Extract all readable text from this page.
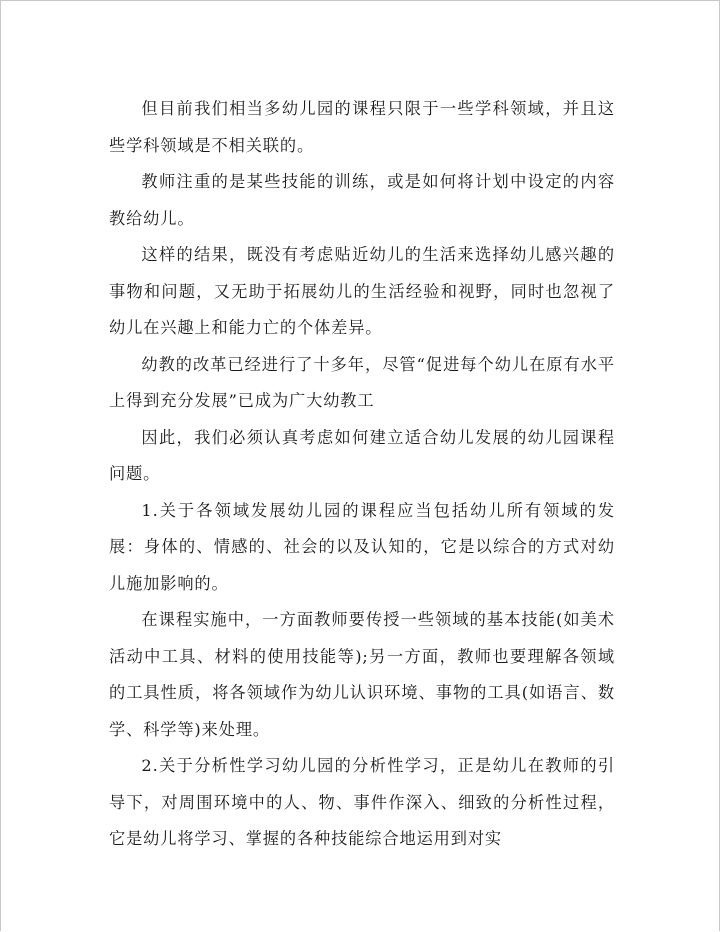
但目前我们相当多幼儿园的课程只限于一些学科领域，并且这些学科领域是不相关联的。

教师注重的是某些技能的训练，或是如何将计划中设定的内容教给幼儿。

这样的结果，既没有考虑贴近幼儿的生活来选择幼儿感兴趣的事物和问题，又无助于拓展幼儿的生活经验和视野，同时也忽视了幼儿在兴趣上和能力亡的个体差异。

幼教的改革已经进行了十多年，尽管“促进每个幼儿在原有水平上得到充分发展”已成为广大幼教工

因此，我们必须认真考虑如何建立适合幼儿发展的幼儿园课程问题。

1.关于各领域发展幼儿园的课程应当包括幼儿所有领域的发展：身体的、情感的、社会的以及认知的，它是以综合的方式对幼儿施加影响的。

在课程实施中，一方面教师要传授一些领域的基本技能(如美术活动中工具、材料的使用技能等);另一方面，教师也要理解各领域的工具性质，将各领域作为幼儿认识环境、事物的工具(如语言、数学、科学等)来处理。

2.关于分析性学习幼儿园的分析性学习，正是幼儿在教师的引导下，对周围环境中的人、物、事件作深入、细致的分析性过程，它是幼儿将学习、掌握的各种技能综合地运用到对实
